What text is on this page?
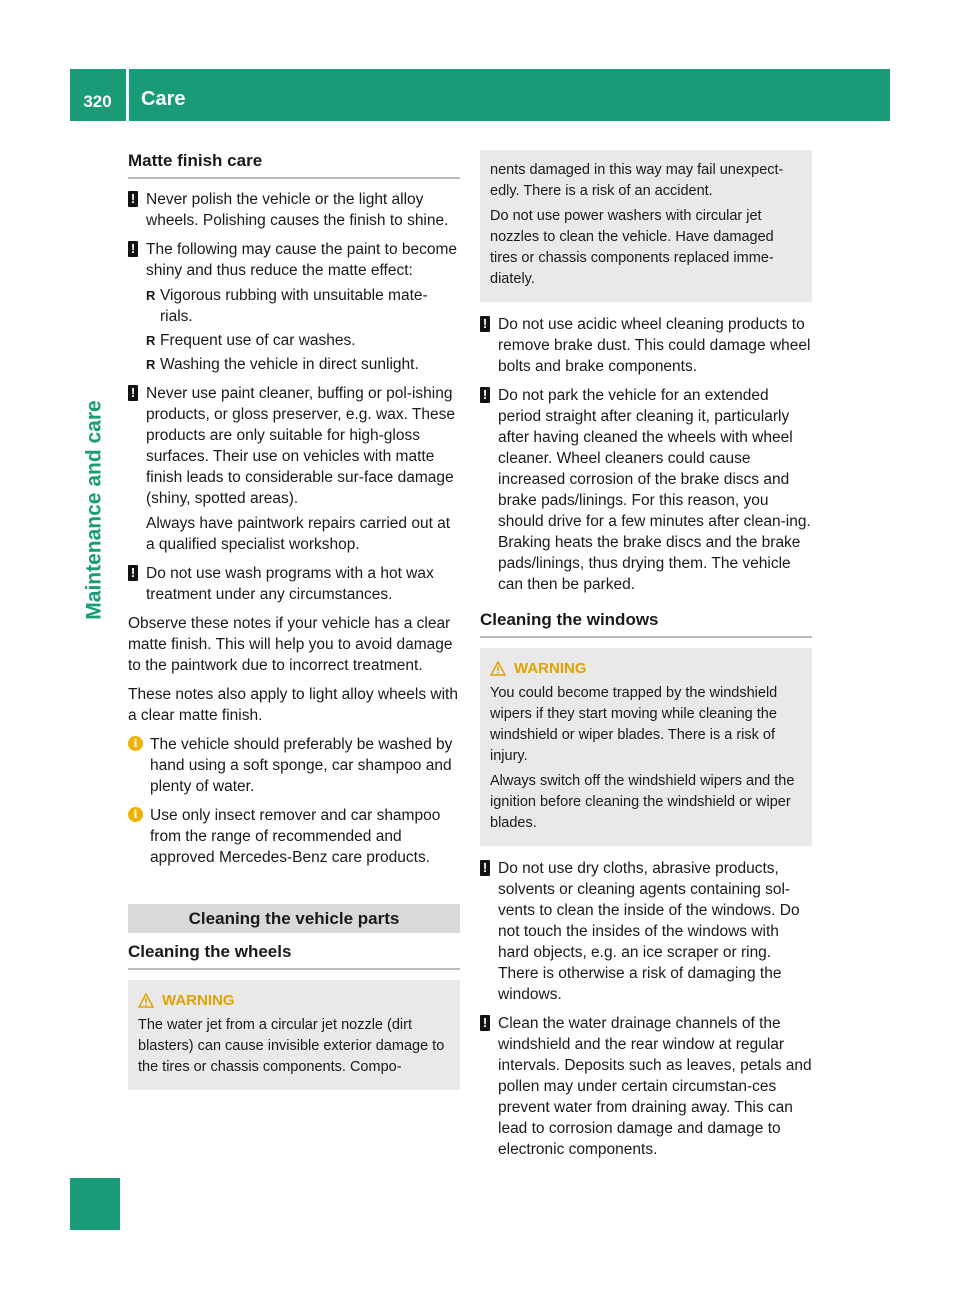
320	Care
Maintenance and care
Matte finish care
! Never polish the vehicle or the light alloy wheels. Polishing causes the finish to shine.
! The following may cause the paint to become shiny and thus reduce the matte effect:
R Vigorous rubbing with unsuitable mate-rials.
R Frequent use of car washes.
R Washing the vehicle in direct sunlight.
! Never use paint cleaner, buffing or pol-ishing products, or gloss preserver, e.g. wax. These products are only suitable for high-gloss surfaces. Their use on vehicles with matte finish leads to considerable sur-face damage (shiny, spotted areas).

Always have paintwork repairs carried out at a qualified specialist workshop.

! Do not use wash programs with a hot wax treatment under any circumstances.

Observe these notes if your vehicle has a clear matte finish. This will help you to avoid damage to the paintwork due to incorrect treatment.

These notes also apply to light alloy wheels with a clear matte finish.

i The vehicle should preferably be washed by hand using a soft sponge, car shampoo and plenty of water.
i Use only insect remover and car shampoo from the range of recommended and approved Mercedes-Benz care products.
Cleaning the vehicle parts
Cleaning the wheels
WARNING

The water jet from a circular jet nozzle (dirt blasters) can cause invisible exterior damage to the tires or chassis components. Compo-

nents damaged in this way may fail unexpect-edly. There is a risk of an accident.

Do not use power washers with circular jet nozzles to clean the vehicle. Have damaged tires or chassis components replaced imme-diately.

! Do not use acidic wheel cleaning products to remove brake dust. This could damage wheel bolts and brake components.
! Do not park the vehicle for an extended period straight after cleaning it, particularly after having cleaned the wheels with wheel cleaner. Wheel cleaners could cause increased corrosion of the brake discs and brake pads/linings. For this reason, you should drive for a few minutes after clean-ing. Braking heats the brake discs and the brake pads/linings, thus drying them. The vehicle can then be parked.
Cleaning the windows
WARNING

You could become trapped by the windshield wipers if they start moving while cleaning the windshield or wiper blades. There is a risk of injury.

Always switch off the windshield wipers and the ignition before cleaning the windshield or wiper blades.

! Do not use dry cloths, abrasive products, solvents or cleaning agents containing sol-vents to clean the inside of the windows. Do not touch the insides of the windows with hard objects, e.g. an ice scraper or ring. There is otherwise a risk of damaging the windows.
! Clean the water drainage channels of the windshield and the rear window at regular intervals. Deposits such as leaves, petals and pollen may under certain circumstan-ces prevent water from draining away. This can lead to corrosion damage and damage to electronic components.
